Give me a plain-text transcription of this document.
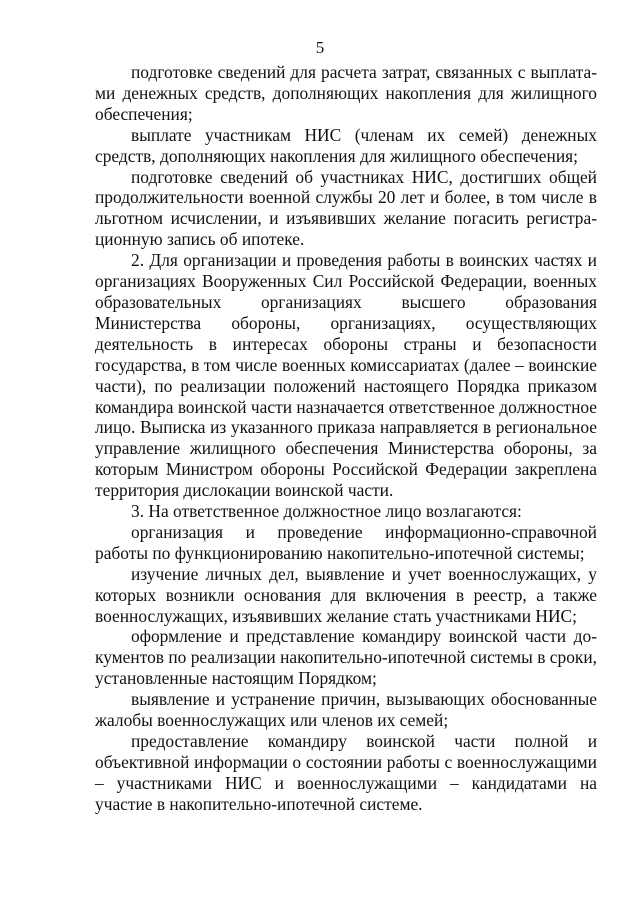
5

подготовке сведений для расчета затрат, связанных с выплатами денежных средств, дополняющих накопления для жилищного обеспечения;

выплате участникам НИС (членам их семей) денежных средств, дополняющих накопления для жилищного обеспечения;

подготовке сведений об участниках НИС, достигших общей продолжительности военной службы 20 лет и более, в том числе в льготном исчислении, и изъявивших желание погасить регистрационную запись об ипотеке.

2. Для организации и проведения работы в воинских частях и организациях Вооруженных Сил Российской Федерации, военных образовательных организациях высшего образования Министерства обороны, организациях, осуществляющих деятельность в интересах обороны страны и безопасности государства, в том числе военных комиссариатах (далее – воинские части), по реализации положений настоящего Порядка приказом командира воинской части назначается ответственное должностное лицо. Выписка из указанного приказа направляется в региональное управление жилищного обеспечения Министерства обороны, за которым Министром обороны Российской Федерации закреплена территория дислокации воинской части.

3. На ответственное должностное лицо возлагаются:

организация и проведение информационно-справочной работы по функционированию накопительно-ипотечной системы;

изучение личных дел, выявление и учет военнослужащих, у которых возникли основания для включения в реестр, а также военнослужащих, изъявивших желание стать участниками НИС;

оформление и представление командиру воинской части документов по реализации накопительно-ипотечной системы в сроки, установленные настоящим Порядком;

выявление и устранение причин, вызывающих обоснованные жалобы военнослужащих или членов их семей;

предоставление командиру воинской части полной и объективной информации о состоянии работы с военнослужащими – участниками НИС и военнослужащими – кандидатами на участие в накопительно-ипотечной системе.
